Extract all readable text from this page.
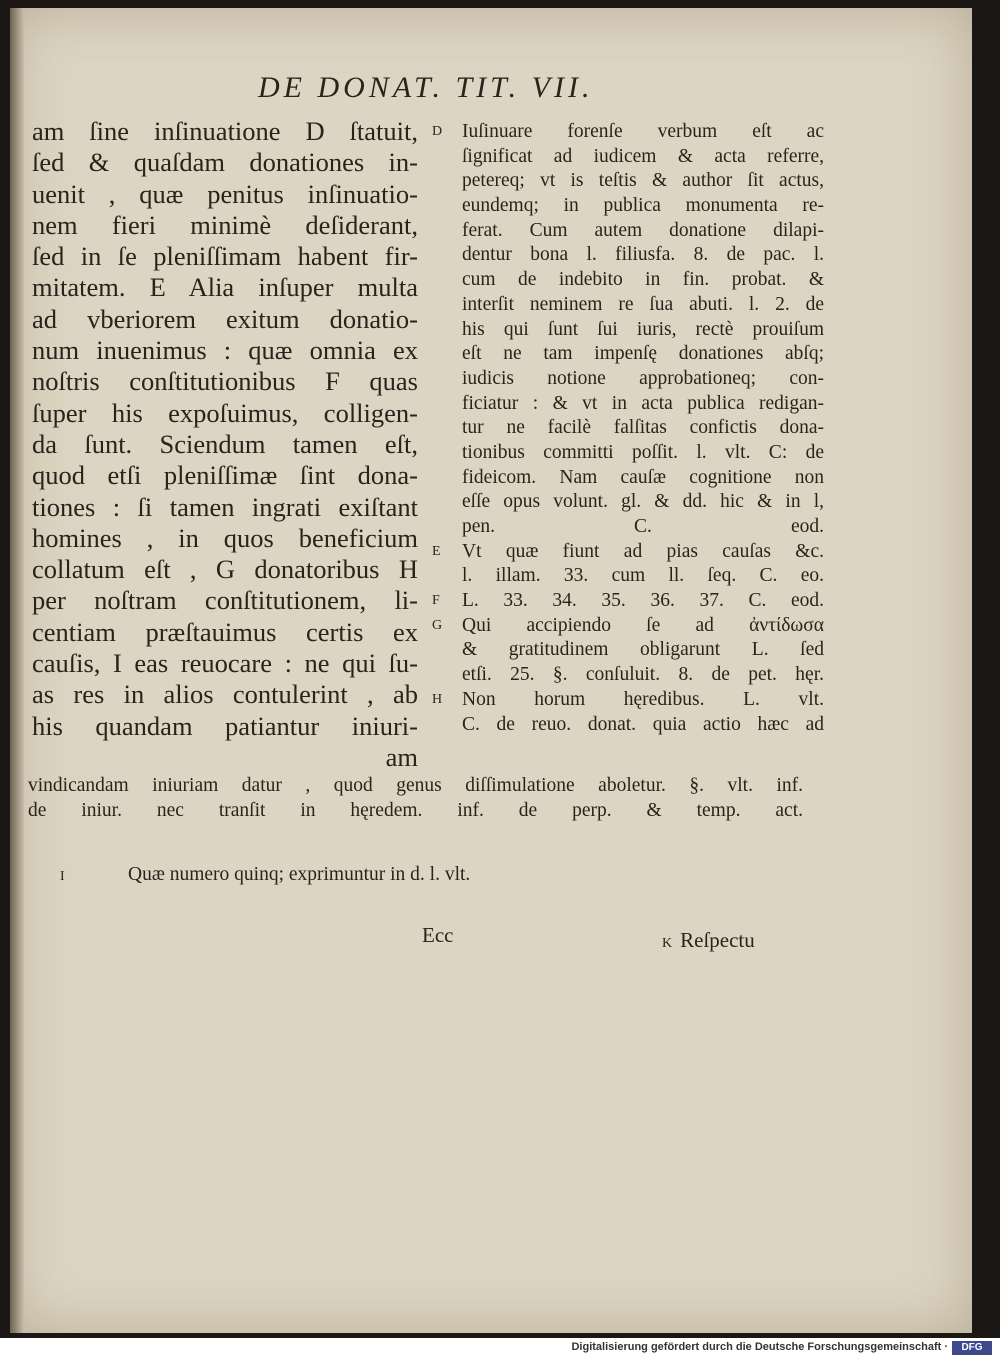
DE DONAT. TIT. VII.
am ſine inſinuatione D ſtatuit,
ſed & quaſdam donationes in-
uenit , quæ penitus inſinuatio-
nem fieri minimè deſiderant,
ſed in ſe pleniſſimam habent fir-
mitatem. E Alia inſuper multa
ad vberiorem exitum donatio-
num inuenimus : quæ omnia ex
noſtris conſtitutionibus F quas
ſuper his expoſuimus, colligen-
da ſunt. Sciendum tamen eſt,
quod etſi pleniſſimæ ſint dona-
tiones : ſi tamen ingrati exiſtant
homines , in quos beneficium
collatum eſt , G donatoribus H
per noſtram conſtitutionem, li-
centiam præſtauimus certis ex
cauſis, I eas reuocare : ne qui ſu-
as res in alios contulerint , ab
his quandam patiantur iniuri-
am
D	Iuſinuare forenſe verbum eſt ac
ſignificat ad iudicem & acta referre,
petereq; vt is teſtis & author ſit actus,
eundemq; in publica monumenta re-
ferat. Cum autem donatione dilapi-
dentur bona l. filiusfa. 8. de pac. l.
cum de indebito in fin. probat. &
interſit neminem re ſua abuti. l. 2. de
his qui ſunt ſui iuris, rectè prouiſum
eſt ne tam impenſę donationes abſq;
iudicis notione approbationeq; con-
ficiatur : & vt in acta publica redigan-
tur ne facilè falſitas confictis dona-
tionibus committi poſſit. l. vlt. C: de
fideicom. Nam cauſæ cognitione non
eſſe opus volunt. gl. & dd. hic & in l,
pen. C. eod.
E	Vt quæ fiunt ad pias cauſas &c.
l. illam. 33. cum ll. ſeq. C. eo.
F	L. 33. 34. 35. 36. 37. C. eod.
G	Qui accipiendo ſe ad ἀντίδωσα
& gratitudinem obligarunt L. ſed
etſi. 25. §. conſuluit. 8. de pet. hęr.
H	Non horum hęredibus. L. vlt.
C. de reuo. donat. quia actio hæc ad
vindicandam iniuriam datur , quod genus diſſimulatione aboletur. §. vlt. inf.
de iniur. nec tranſit in hęredem. inf. de perp. & temp. act.
I	Quæ numero quinq; exprimuntur in d. l. vlt.
Ecc	K Reſpectu
Digitalisierung gefördert durch die Deutsche Forschungsgemeinschaft ·	DFG
